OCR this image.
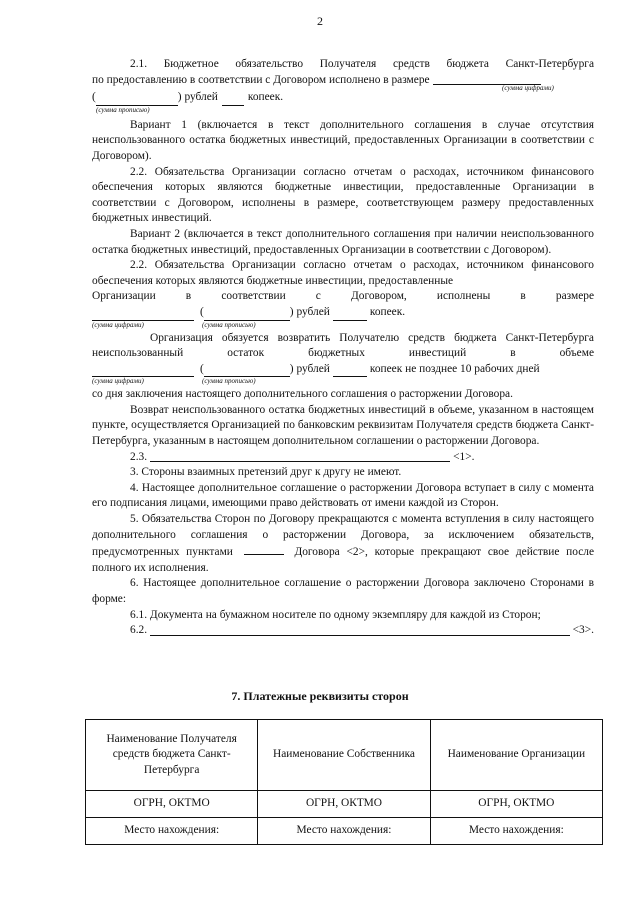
2

2.1. Бюджетное обязательство Получателя средств бюджета Санкт-Петербурга

по предоставлению в соответствии с Договором исполнено в размере
(сумма цифрами)
(	) рублей	копеек.
(сумма прописью)

Вариант 1 (включается в текст дополнительного соглашения в случае отсутствия неиспользованного остатка бюджетных инвестиций, предоставленных Организации в соответствии с Договором).

2.2. Обязательства Организации согласно отчетам о расходах, источником финансового обеспечения которых являются бюджетные инвестиции, предоставленные Организации в соответствии с Договором, исполнены в размере, соответствующем размеру предоставленных бюджетных инвестиций.

Вариант 2 (включается в текст дополнительного соглашения при наличии неиспользованного остатка бюджетных инвестиций, предоставленных Организации в соответствии с Договором).

2.2. Обязательства Организации согласно отчетам о расходах, источником финансового обеспечения которых являются бюджетные инвестиции, предоставленные

Организации в соответствии с Договором, исполнены в размере

(	) рублей	копеек.
(сумма цифрами)	(сумма прописью)

Организация обязуется возвратить Получателю средств бюджета Санкт-Петербурга

неиспользованный остаток бюджетных инвестиций в объеме

(	) рублей	копеек не позднее 10 рабочих дней
(сумма цифрами)	(сумма прописью)

со дня заключения настоящего дополнительного соглашения о расторжении Договора.

Возврат неиспользованного остатка бюджетных инвестиций в объеме, указанном в настоящем пункте, осуществляется Организацией по банковским реквизитам Получателя средств бюджета Санкт-Петербурга, указанным в настоящем дополнительном соглашении о расторжении Договора.

2.3.	<1>.

3. Стороны взаимных претензий друг к другу не имеют.

4. Настоящее дополнительное соглашение о расторжении Договора вступает в силу с момента его подписания лицами, имеющими право действовать от имени каждой из Сторон.

5. Обязательства Сторон по Договору прекращаются с момента вступления в силу настоящего дополнительного соглашения о расторжении Договора, за исключением обязательств, предусмотренных пунктами	Договора <2>, которые прекращают свое действие после полного их исполнения.

6. Настоящее дополнительное соглашение о расторжении Договора заключено Сторонами в форме:

6.1. Документа на бумажном носителе по одному экземпляру для каждой из Сторон;

6.2.	<3>.
7. Платежные реквизиты сторон
Наименование Получателя средств бюджета Санкт-Петербурга	Наименование Собственника	Наименование Организации
ОГРН, ОКТМО	ОГРН, ОКТМО	ОГРН, ОКТМО
Место нахождения:	Место нахождения:	Место нахождения:
